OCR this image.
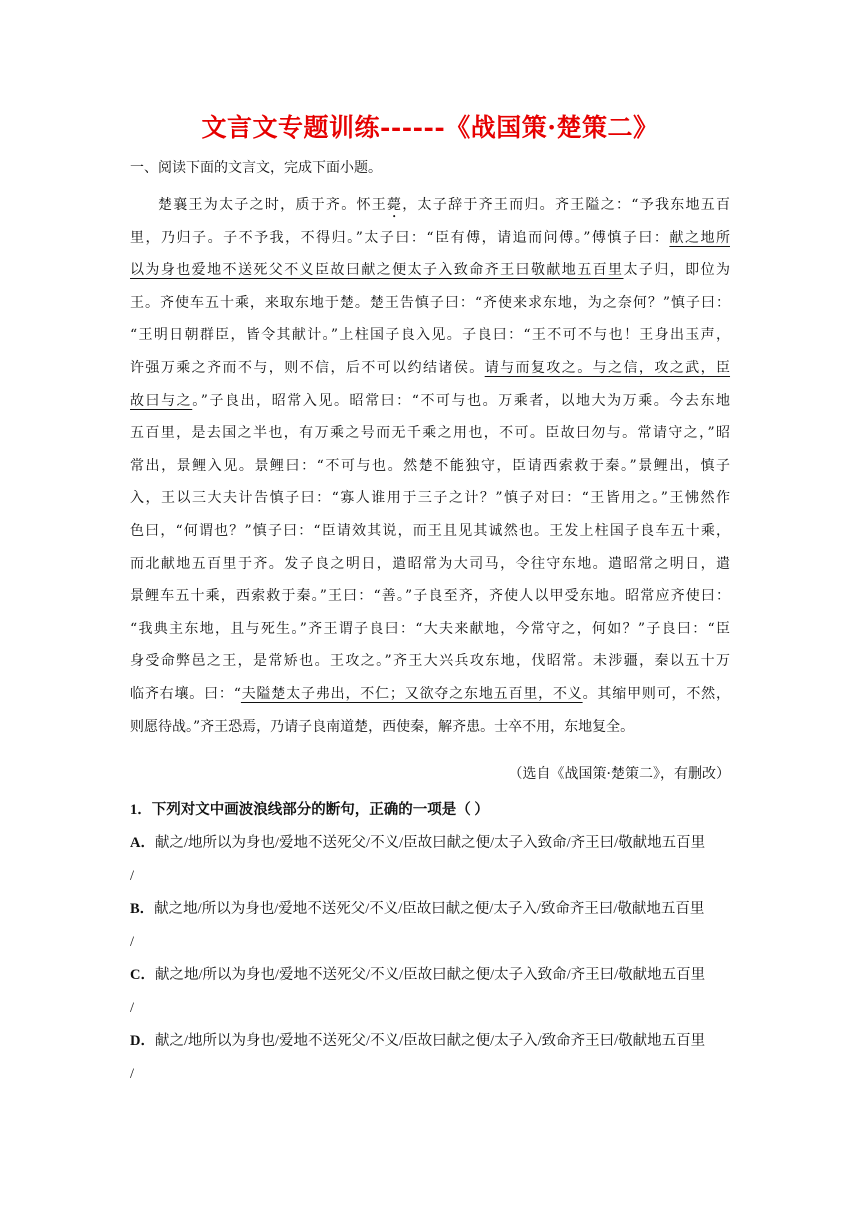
文言文专题训练------《战国策·楚策二》
一、阅读下面的文言文，完成下面小题。
楚襄王为太子之时，质于齐。怀王薨，太子辞于齐王而归。齐王隘之：“予我东地五百
里，乃归子。子不予我，不得归。”太子曰：“臣有傅，请追而问傅。”傅慎子曰：献之地所
以为身也爱地不送死父不义臣故曰献之便太子入致命齐王曰敬献地五百里太子归，即位为
王。齐使车五十乘，来取东地于楚。楚王告慎子曰：“齐使来求东地，为之奈何？”慎子曰：
“王明日朝群臣，皆令其献计。”上柱国子良入见。子良曰：“王不可不与也！王身出玉声，
许强万乘之齐而不与，则不信，后不可以约结诸侯。请与而复攻之。与之信，攻之武，臣
故曰与之。”子良出，昭常入见。昭常曰：“不可与也。万乘者，以地大为万乘。今去东地
五百里，是去国之半也，有万乘之号而无千乘之用也，不可。臣故曰勿与。常请守之，”昭
常出，景鲤入见。景鲤曰：“不可与也。然楚不能独守，臣请西索救于秦。”景鲤出，慎子
入，王以三大夫计告慎子曰：“寡人谁用于三子之计？”慎子对曰：“王皆用之。”王怫然作
色曰，“何谓也？”慎子曰：“臣请效其说，而王且见其诚然也。王发上柱国子良车五十乘，
而北献地五百里于齐。发子良之明日，遣昭常为大司马，令往守东地。遣昭常之明日，遣
景鲤车五十乘，西索救于秦。”王曰：“善。”子良至齐，齐使人以甲受东地。昭常应齐使曰：
“我典主东地，且与死生。”齐王谓子良曰：“大夫来献地，今常守之，何如？”子良曰：“臣
身受命弊邑之王，是常矫也。王攻之。”齐王大兴兵攻东地，伐昭常。未涉疆，秦以五十万
临齐右壤。曰：“夫隘楚太子弗出，不仁；又欲夺之东地五百里，不义。其缩甲则可，不然，
则愿待战。”齐王恐焉，乃请子良南道楚，西使秦，解齐患。士卒不用，东地复全。
（选自《战国策·楚策二》，有删改）
1．下列对文中画波浪线部分的断句，正确的一项是（ ）
A．献之/地所以为身也/爱地不送死父/不义/臣故曰献之便/太子入致命/齐王曰/敬献地五百里
/
B．献之地/所以为身也/爱地不送死父/不义/臣故曰献之便/太子入/致命齐王曰/敬献地五百里
/
C．献之地/所以为身也/爱地不送死父/不义/臣故曰献之便/太子入致命/齐王曰/敬献地五百里
/
D．献之/地所以为身也/爱地不送死父/不义/臣故曰献之便/太子入/致命齐王曰/敬献地五百里
/
